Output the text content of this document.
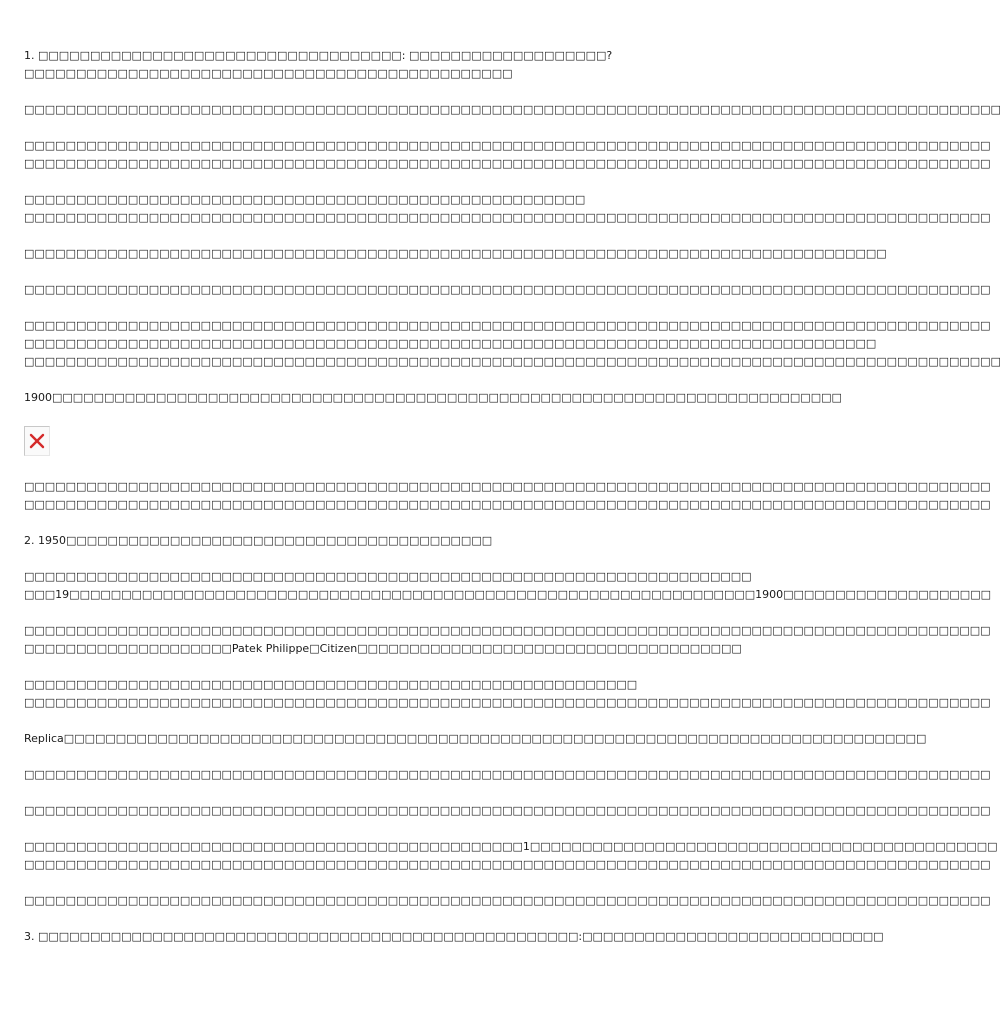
1. □□□□□□□□□□□□□□□□□□□□□□□□□□□□□□□□□□□: □□□□□□□□□□□□□□□□□□□?
□□□□□□□□□□□□□□□□□□□□□□□□□□□□□□□□□□□□□□□□□□□□□□□
□□□□□□□□□□□□□□□□□□□□□□□□□□□□□□□□□□□□□□□□□□□□□□□□□□□□□□□□□□□□□□□□□□□□□□□□□□□□□□□□□□□□□□□□□□□□□□
□□□□□□□□□□□□□□□□□□□□□□□□□□□□□□□□□□□□□□□□□□□□□□□□□□□□□□□□□□□□□□□□□□□□□□□□□□□□□□□□□□□□□□□□□□□□□
□□□□□□□□□□□□□□□□□□□□□□□□□□□□□□□□□□□□□□□□□□□□□□□□□□□□□□□□□□□□□□□□□□□□□□□□□□□□□□□□□□□□□□□□□□□□□
□□□□□□□□□□□□□□□□□□□□□□□□□□□□□□□□□□□□□□□□□□□□□□□□□□□□□□
□□□□□□□□□□□□□□□□□□□□□□□□□□□□□□□□□□□□□□□□□□□□□□□□□□□□□□□□□□□□□□□□□□□□□□□□□□□□□□□□□□□□□□□□□□□□□
□□□□□□□□□□□□□□□□□□□□□□□□□□□□□□□□□□□□□□□□□□□□□□□□□□□□□□□□□□□□□□□□□□□□□□□□□□□□□□□□□□□
□□□□□□□□□□□□□□□□□□□□□□□□□□□□□□□□□□□□□□□□□□□□□□□□□□□□□□□□□□□□□□□□□□□□□□□□□□□□□□□□□□□□□□□□□□□□□
□□□□□□□□□□□□□□□□□□□□□□□□□□□□□□□□□□□□□□□□□□□□□□□□□□□□□□□□□□□□□□□□□□□□□□□□□□□□□□□□□□□□□□□□□□□□□
□□□□□□□□□□□□□□□□□□□□□□□□□□□□□□□□□□□□□□□□□□□□□□□□□□□□□□□□□□□□□□□□□□□□□□□□□□□□□□□□□□
□□□□□□□□□□□□□□□□□□□□□□□□□□□□□□□□□□□□□□□□□□□□□□□□□□□□□□□□□□□□□□□□□□□□□□□□□□□□□□□□□□□□□□□□□□□□□□
1900□□□□□□□□□□□□□□□□□□□□□□□□□□□□□□□□□□□□□□□□□□□□□□□□□□□□□□□□□□□□□□□□□□□□□□□□□□□□
□□□□□□□□□□□□□□□□□□□□□□□□□□□□□□□□□□□□□□□□□□□□□□□□□□□□□□□□□□□□□□□□□□□□□□□□□□□□□□□□□□□□□□□□□□□□□
□□□□□□□□□□□□□□□□□□□□□□□□□□□□□□□□□□□□□□□□□□□□□□□□□□□□□□□□□□□□□□□□□□□□□□□□□□□□□□□□□□□□□□□□□□□□□
2. 1950□□□□□□□□□□□□□□□□□□□□□□□□□□□□□□□□□□□□□□□□□
□□□□□□□□□□□□□□□□□□□□□□□□□□□□□□□□□□□□□□□□□□□□□□□□□□□□□□□□□□□□□□□□□□□□□□
□□□19□□□□□□□□□□□□□□□□□□□□□□□□□□□□□□□□□□□□□□□□□□□□□□□□□□□□□□□□□□□□□□□□□□1900□□□□□□□□□□□□□□□□□□□□
□□□□□□□□□□□□□□□□□□□□□□□□□□□□□□□□□□□□□□□□□□□□□□□□□□□□□□□□□□□□□□□□□□□□□□□□□□□□□□□□□□□□□□□□□□□□□
□□□□□□□□□□□□□□□□□□□□Patek Philippe□Citizen□□□□□□□□□□□□□□□□□□□□□□□□□□□□□□□□□□□□□
□□□□□□□□□□□□□□□□□□□□□□□□□□□□□□□□□□□□□□□□□□□□□□□□□□□□□□□□□□□
□□□□□□□□□□□□□□□□□□□□□□□□□□□□□□□□□□□□□□□□□□□□□□□□□□□□□□□□□□□□□□□□□□□□□□□□□□□□□□□□□□□□□□□□□□□□□
Replica□□□□□□□□□□□□□□□□□□□□□□□□□□□□□□□□□□□□□□□□□□□□□□□□□□□□□□□□□□□□□□□□□□□□□□□□□□□□□□□□□□□
□□□□□□□□□□□□□□□□□□□□□□□□□□□□□□□□□□□□□□□□□□□□□□□□□□□□□□□□□□□□□□□□□□□□□□□□□□□□□□□□□□□□□□□□□□□□□
□□□□□□□□□□□□□□□□□□□□□□□□□□□□□□□□□□□□□□□□□□□□□□□□□□□□□□□□□□□□□□□□□□□□□□□□□□□□□□□□□□□□□□□□□□□□□
□□□□□□□□□□□□□□□□□□□□□□□□□□□□□□□□□□□□□□□□□□□□□□□□1□□□□□□□□□□□□□□□□□□□□□□□□□□□□□□□□□□□□□□□□□□□□□
□□□□□□□□□□□□□□□□□□□□□□□□□□□□□□□□□□□□□□□□□□□□□□□□□□□□□□□□□□□□□□□□□□□□□□□□□□□□□□□□□□□□□□□□□□□□□
□□□□□□□□□□□□□□□□□□□□□□□□□□□□□□□□□□□□□□□□□□□□□□□□□□□□□□□□□□□□□□□□□□□□□□□□□□□□□□□□□□□□□□□□□□□□□
3. □□□□□□□□□□□□□□□□□□□□□□□□□□□□□□□□□□□□□□□□□□□□□□□□□□□□:□□□□□□□□□□□□□□□□□□□□□□□□□□□□□
